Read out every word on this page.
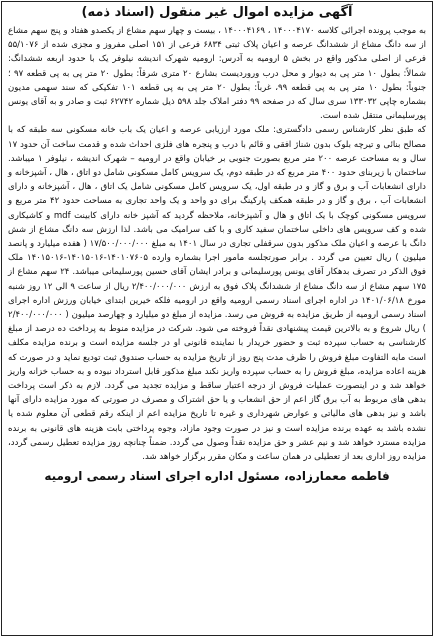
آگهی مزایده اموال غیر منقول (اسناد ذمه)

به موجب پرونده اجرائی کلاسه ۱۴۰۰۰۴۱۷۰ ، ۱۴۰۰۰۴۱۶۹ ، بیست و چهار سهم مشاع از یکصدو هفتاد و پنج سهم مشاع از سه دانگ مشاع از ششدانگ عرصه و اعیان پلاک ثبتی ۶۸۳۴ فرعی از ۱۵۱ اصلی مفروز و مجزی شده از ۵۵/۱۰۷۶ فرعی از اصلی مذکور واقع در بخش ۵ ارومیه به آدرس: ارومیه شهرک اندیشه نیلوفر یک با حدود اربعه ششدانگ: شمالاً: بطول ۱۰ متر پی به دیوار و محل درب وروردیست بشارع ۲۰ متری شرقاً: بطول ۲۰ متر پی به پی قطعه ۹۷ ؛ جنوباً: بطول ۱۰ متر پی به پی قطعه ۹۹، غرباً: بطول ۲۰ متر پی به پی قطعه ۱۰۱ تفکیکی که سند سهمی مدیون بشماره چاپی ۱۳۳۰۳۲ سری سال که در صفحه ۹۹ دفتر املاک جلد ۵۹۸ ذیل شماره ۶۲۷۴۲ ثبت و صادر و به آقای یونس پورسلیمانی منتقل شده است.

که طبق نظر کارشناس رسمی دادگستری: ملک مورد ارزیابی عرصه و اعیان یک باب خانه مسکونی سه طبقه که با مصالح بنائی و تیرچه بلوک بدون شناژ افقی و قائم با درب و پنجره های فلزی احداث شده و قدمت ساخت آن حدود ۱۷ سال و به مساحت عرصه ۲۰۰ متر مربع بصورت جنوبی بر خیابان واقع در ارومیه – شهرک اندیشه ، نیلوفر ۱ میباشد. ساختمان با زیربنای حدود ۴۰۰ متر مربع که در طبقه دوم، یک سرویس کامل مسکونی شامل دو اتاق ، هال ، آشپزخانه و دارای انشعابات آب و برق و گاز و در طبقه اول، یک سرویس کامل مسکونی شامل یک اتاق ، هال ، آشپزخانه و دارای انشعابات آب ، برق و گاز و در طبقه همکف پارکینگ برای دو واحد و یک واحد تجاری به مساحت حدود ۴۲ متر مربع و سرویس مسکونی کوچک با یک اتاق و هال و آشپزخانه، ملاحظه گردید که آشپز خانه دارای کابینت mdf و کاشیکاری شده و کف سرویس های داخلی ساختمان سفید کاری و با کف سرامیک می باشد. لذا ارزش سه دانگ مشاع از شش دانگ با عرصه و اعیان ملک مذکور بدون سرقفلی تجاری در سال ۱۴۰۱ به مبلغ ۱۷/۵۰۰/۰۰۰/۰۰۰ ( هفده میلیارد و پانصد میلیون ) ریال تعیین می گردد . برابر صورتجلسه مامور اجرا بشماره وارده ۱۴۰۱۰۷۶۰۵-۱۴۰۱۵۰۱۶-۱۴۰۱۵۰۱۶ ملک فوق الذکر در تصرف بدهکار آقای یونس پورسلیمانی و برادر ایشان آقای حسین پورسلیمانی میباشد. ۲۴ سهم مشاع از ۱۷۵ سهم مشاع از سه دانگ مشاع از ششدانگ پلاک فوق به ارزش ۲/۴۰۰/۰۰۰/۰۰۰ ریال از ساعت ۹ الی ۱۲ روز شنبه مورخ ۱۴۰۱/۰۶/۱۸ در اداره اجرای اسناد رسمی ارومیه واقع در ارومیه فلکه خیرین ابتدای خیابان ورزش اداره اجرای اسناد رسمی ارومیه از طریق مزایده به فروش می رسد. مزایده از مبلغ دو میلیارد و چهارصد میلیون ( ۲/۴۰۰/۰۰۰/۰۰۰ ) ریال شروع و به بالاترین قیمت پیشنهادی نقداً فروخته می شود. شرکت در مزایده منوط به پرداخت ده درصد از مبلغ کارشناسی به حساب سپرده ثبت و حضور خریدار با نماینده قانونی او در جلسه مزایده است و برنده مزایده مکلف است مابه التفاوت مبلغ فروش را ظرف مدت پنج روز از تاریخ مزایده به حساب صندوق ثبت تودیع نماید و در صورت که هزینه اعاده مزایده، مبلغ فروش را به حساب سپرده واریز نکند مبلغ مذکور قابل استرداد نبوده و به حساب خزانه واریز خواهد شد و در اینصورت عملیات فروش از درجه اعتبار ساقط و مزایده تجدید می گردد. لازم به ذکر است پرداخت بدهی های مربوط به آب برق گاز اعم از حق انشعاب و یا حق اشتراک و مصرف در صورتی که مورد مزایده دارای آنها باشد و نیز بدهی های مالیاتی و عوارض شهرداری و غیره تا تاریخ مزایده اعم از اینکه رقم قطعی آن معلوم شده یا نشده باشد به عهده برنده مزایده است و نیز در صورت وجود مازاد، وجوه پرداختی بابت هزینه های قانونی به برنده مزایده مسترد خواهد شد و نیم عشر و حق مزایده نقداً وصول می گردد. ضمناً چنانچه روز مزایده تعطیل رسمی گردد، مزایده روز اداری بعد از تعطیلی در همان ساعت و مکان مقرر برگزار خواهد شد.

فاطمه معمارزاده، مسئول اداره اجرای اسناد رسمی ارومیه
